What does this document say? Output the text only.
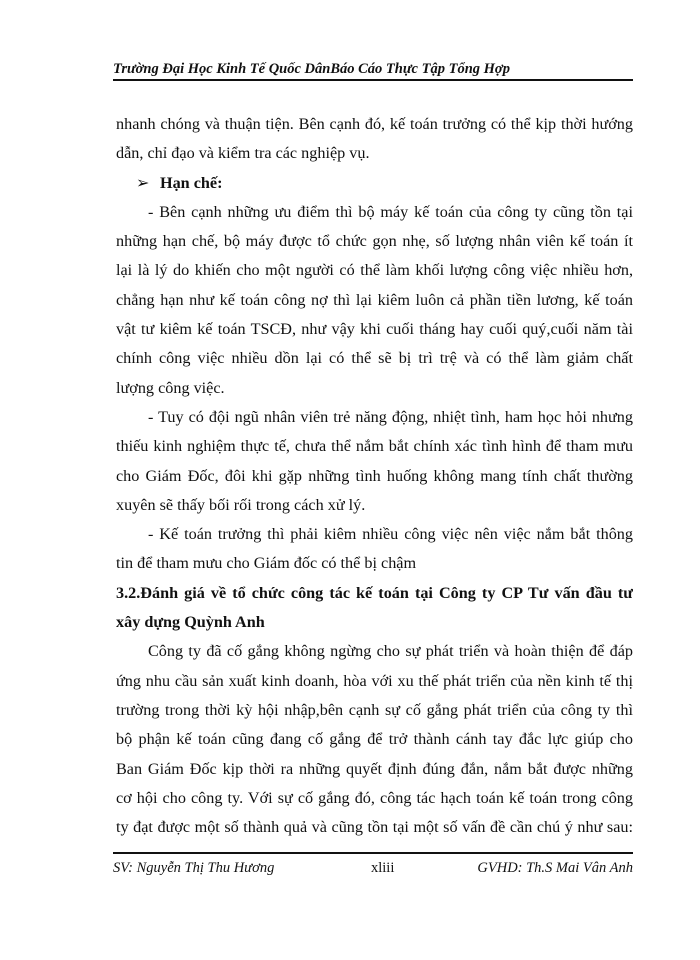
Trường Đại Học Kinh Tế Quốc DânBáo Cáo Thực Tập Tổng Hợp
nhanh chóng và thuận tiện. Bên cạnh đó, kế toán trưởng có thể kịp thời hướng
dẫn, chỉ đạo và kiểm tra các nghiệp vụ.
➢ Hạn chế:
- Bên cạnh những ưu điểm thì bộ máy kế toán của công ty cũng tồn tại
những hạn chế, bộ máy được tổ chức gọn nhẹ, số lượng nhân viên kế toán ít
lại là lý do khiến cho một người có thể làm khối lượng công việc nhiều hơn,
chẳng hạn như kế toán công nợ thì lại kiêm luôn cả phần tiền lương, kế toán
vật tư kiêm kế toán TSCĐ, như vậy khi cuối tháng hay cuối quý,cuối năm tài
chính công việc nhiều dồn lại có thể sẽ bị trì trệ và có thể làm giảm chất
lượng công việc.
- Tuy có đội ngũ nhân viên trẻ năng động, nhiệt tình, ham học hỏi nhưng
thiếu kinh nghiệm thực tế, chưa thể nắm bắt chính xác tình hình để tham mưu
cho Giám Đốc, đôi khi gặp những tình huống không mang tính chất thường
xuyên sẽ thấy bối rối trong cách xử lý.
- Kế toán trưởng thì phải kiêm nhiều công việc nên việc nắm bắt thông
tin để tham mưu cho Giám đốc có thể bị chậm
3.2.Đánh giá về tổ chức công tác kế toán tại Công ty CP Tư vấn đầu tư
xây dựng Quỳnh Anh
Công ty đã cố gắng không ngừng cho sự phát triển và hoàn thiện để đáp
ứng nhu cầu sản xuất kinh doanh, hòa với xu thế phát triển của nền kinh tế thị
trường trong thời kỳ hội nhập,bên cạnh sự cố gắng phát triển của công ty thì
bộ phận kế toán cũng đang cố gắng để trở thành cánh tay đắc lực giúp cho
Ban Giám Đốc kịp thời ra những quyết định đúng đắn, nắm bắt được những
cơ hội cho công ty. Với sự cố gắng đó, công tác hạch toán kế toán trong công
ty đạt được một số thành quả và cũng tồn tại một số vấn đề cần chú ý như sau:
SV: Nguyễn Thị Thu Hương	xliii	GVHD: Th.S Mai Vân Anh
